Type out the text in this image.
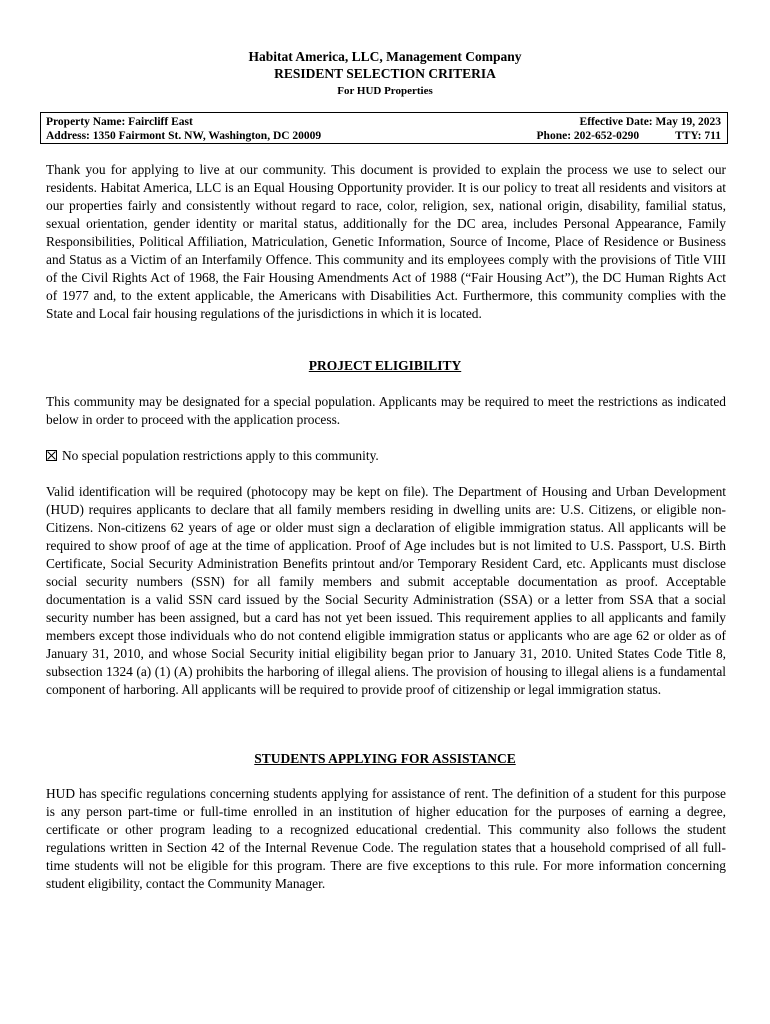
Habitat America, LLC, Management Company
RESIDENT SELECTION CRITERIA
For HUD Properties
Property Name: Faircliff East
Address: 1350 Fairmont St. NW, Washington, DC 20009
Effective Date: May 19, 2023
Phone: 202-652-0290	TTY: 711

Thank you for applying to live at our community. This document is provided to explain the process we use to select our residents. Habitat America, LLC is an Equal Housing Opportunity provider. It is our policy to treat all residents and visitors at our properties fairly and consistently without regard to race, color, religion, sex, national origin, disability, familial status, sexual orientation, gender identity or marital status, additionally for the DC area, includes Personal Appearance, Family Responsibilities, Political Affiliation, Matriculation, Genetic Information, Source of Income, Place of Residence or Business and Status as a Victim of an Interfamily Offence. This community and its employees comply with the provisions of Title VIII of the Civil Rights Act of 1968, the Fair Housing Amendments Act of 1988 (“Fair Housing Act”), the DC Human Rights Act of 1977 and, to the extent applicable, the Americans with Disabilities Act. Furthermore, this community complies with the State and Local fair housing regulations of the jurisdictions in which it is located.

PROJECT ELIGIBILITY

This community may be designated for a special population. Applicants may be required to meet the restrictions as indicated below in order to proceed with the application process.

No special population restrictions apply to this community.

Valid identification will be required (photocopy may be kept on file). The Department of Housing and Urban Development (HUD) requires applicants to declare that all family members residing in dwelling units are: U.S. Citizens, or eligible non-Citizens. Non-citizens 62 years of age or older must sign a declaration of eligible immigration status. All applicants will be required to show proof of age at the time of application. Proof of Age includes but is not limited to U.S. Passport, U.S. Birth Certificate, Social Security Administration Benefits printout and/or Temporary Resident Card, etc. Applicants must disclose social security numbers (SSN) for all family members and submit acceptable documentation as proof. Acceptable documentation is a valid SSN card issued by the Social Security Administration (SSA) or a letter from SSA that a social security number has been assigned, but a card has not yet been issued. This requirement applies to all applicants and family members except those individuals who do not contend eligible immigration status or applicants who are age 62 or older as of January 31, 2010, and whose Social Security initial eligibility began prior to January 31, 2010. United States Code Title 8, subsection 1324 (a) (1) (A) prohibits the harboring of illegal aliens. The provision of housing to illegal aliens is a fundamental component of harboring. All applicants will be required to provide proof of citizenship or legal immigration status.

STUDENTS APPLYING FOR ASSISTANCE

HUD has specific regulations concerning students applying for assistance of rent. The definition of a student for this purpose is any person part-time or full-time enrolled in an institution of higher education for the purposes of earning a degree, certificate or other program leading to a recognized educational credential. This community also follows the student regulations written in Section 42 of the Internal Revenue Code. The regulation states that a household comprised of all full-time students will not be eligible for this program. There are five exceptions to this rule. For more information concerning student eligibility, contact the Community Manager.
